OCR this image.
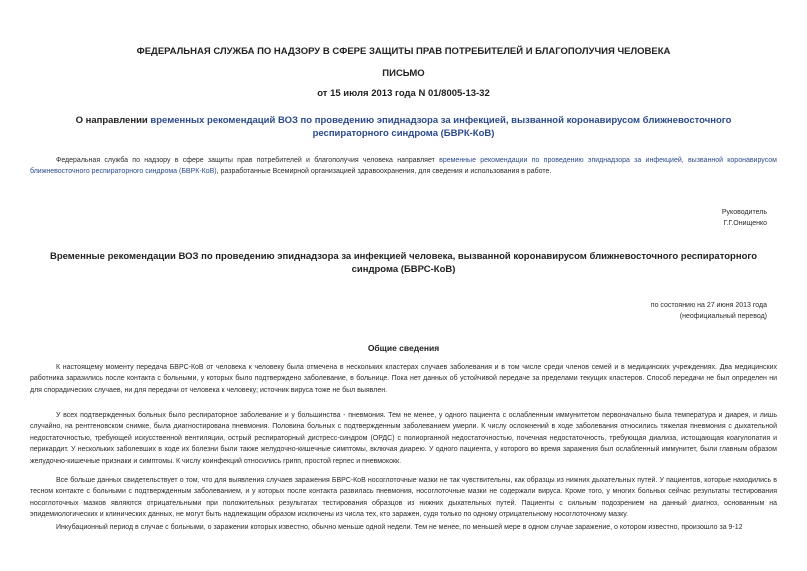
ФЕДЕРАЛЬНАЯ СЛУЖБА ПО НАДЗОРУ В СФЕРЕ ЗАЩИТЫ ПРАВ ПОТРЕБИТЕЛЕЙ И БЛАГОПОЛУЧИЯ ЧЕЛОВЕКА
ПИСЬМО
от 15 июля 2013 года N 01/8005-13-32
О направлении временных рекомендаций ВОЗ по проведению эпиднадзора за инфекцией, вызванной коронавирусом ближневосточного респираторного синдрома (БВРК-КоВ)
Федеральная служба по надзору в сфере защиты прав потребителей и благополучия человека направляет временные рекомендации по проведению эпиднадзора за инфекцией, вызванной коронавирусом ближневосточного респираторного синдрома (БВРК-КоВ), разработанные Всемирной организацией здравоохранения, для сведения и использования в работе.
Руководитель
Г.Г.Онищенко
Временные рекомендации ВОЗ по проведению эпиднадзора за инфекцией человека, вызванной коронавирусом ближневосточного респираторного синдрома (БВРС-КоВ)
по состоянию на 27 июня 2013 года
(неофициальный перевод)
Общие сведения
К настоящему моменту передача БВРС-КоВ от человека к человеку была отмечена в нескольких кластерах случаев заболевания и в том числе среди членов семей и в медицинских учреждениях. Два медицинских работника заразились после контакта с больными, у которых было подтверждено заболевание, в больнице. Пока нет данных об устойчивой передаче за пределами текущих кластеров. Способ передачи не был определен ни для спорадических случаев, ни для передачи от человека к человеку; источник вируса тоже не был выявлен.
У всех подтвержденных больных было респираторное заболевание и у большинства - пневмония. Тем не менее, у одного пациента с ослабленным иммунитетом первоначально была температура и диарея, и лишь случайно, на рентгеновском снимке, была диагностирована пневмония. Половина больных с подтвержденным заболеванием умерли. К числу осложнений в ходе заболевания относились тяжелая пневмония с дыхательной недостаточностью, требующей искусственной вентиляции, острый респираторный дистресс-синдром (ОРДС) с полиорганной недостаточностью, почечная недостаточность, требующая диализа, истощающая коагулопатия и перикардит. У нескольких заболевших в ходе их болезни были также желудочно-кишечные симптомы, включая диарею. У одного пациента, у которого во время заражения был ослабленный иммунитет, были главным образом желудочно-кишечные признаки и симптомы. К числу коинфекций относились грипп, простой герпес и пневмококк.
Все больше данных свидетельствует о том, что для выявления случаев заражения БВРС-КоВ носоглоточные мазки не так чувствительны, как образцы из нижних дыхательных путей. У пациентов, которые находились в тесном контакте с больными с подтвержденным заболеванием, и у которых после контакта развилась пневмония, носоглоточные мазки не содержали вируса. Кроме того, у многих больных сейчас результаты тестирования носоглоточных мазков являются отрицательными при положительных результатах тестирования образцов из нижних дыхательных путей. Пациенты с сильным подозрением на данный диагноз, основанным на эпидемиологических и клинических данных, не могут быть надлежащим образом исключены из числа тех, кто заражен, судя только по одному отрицательному носоглоточному мазку.
Инкубационный период в случае с больными, о заражении которых известно, обычно меньше одной недели. Тем не менее, по меньшей мере в одном случае заражение, о котором известно, произошло за 9-12
